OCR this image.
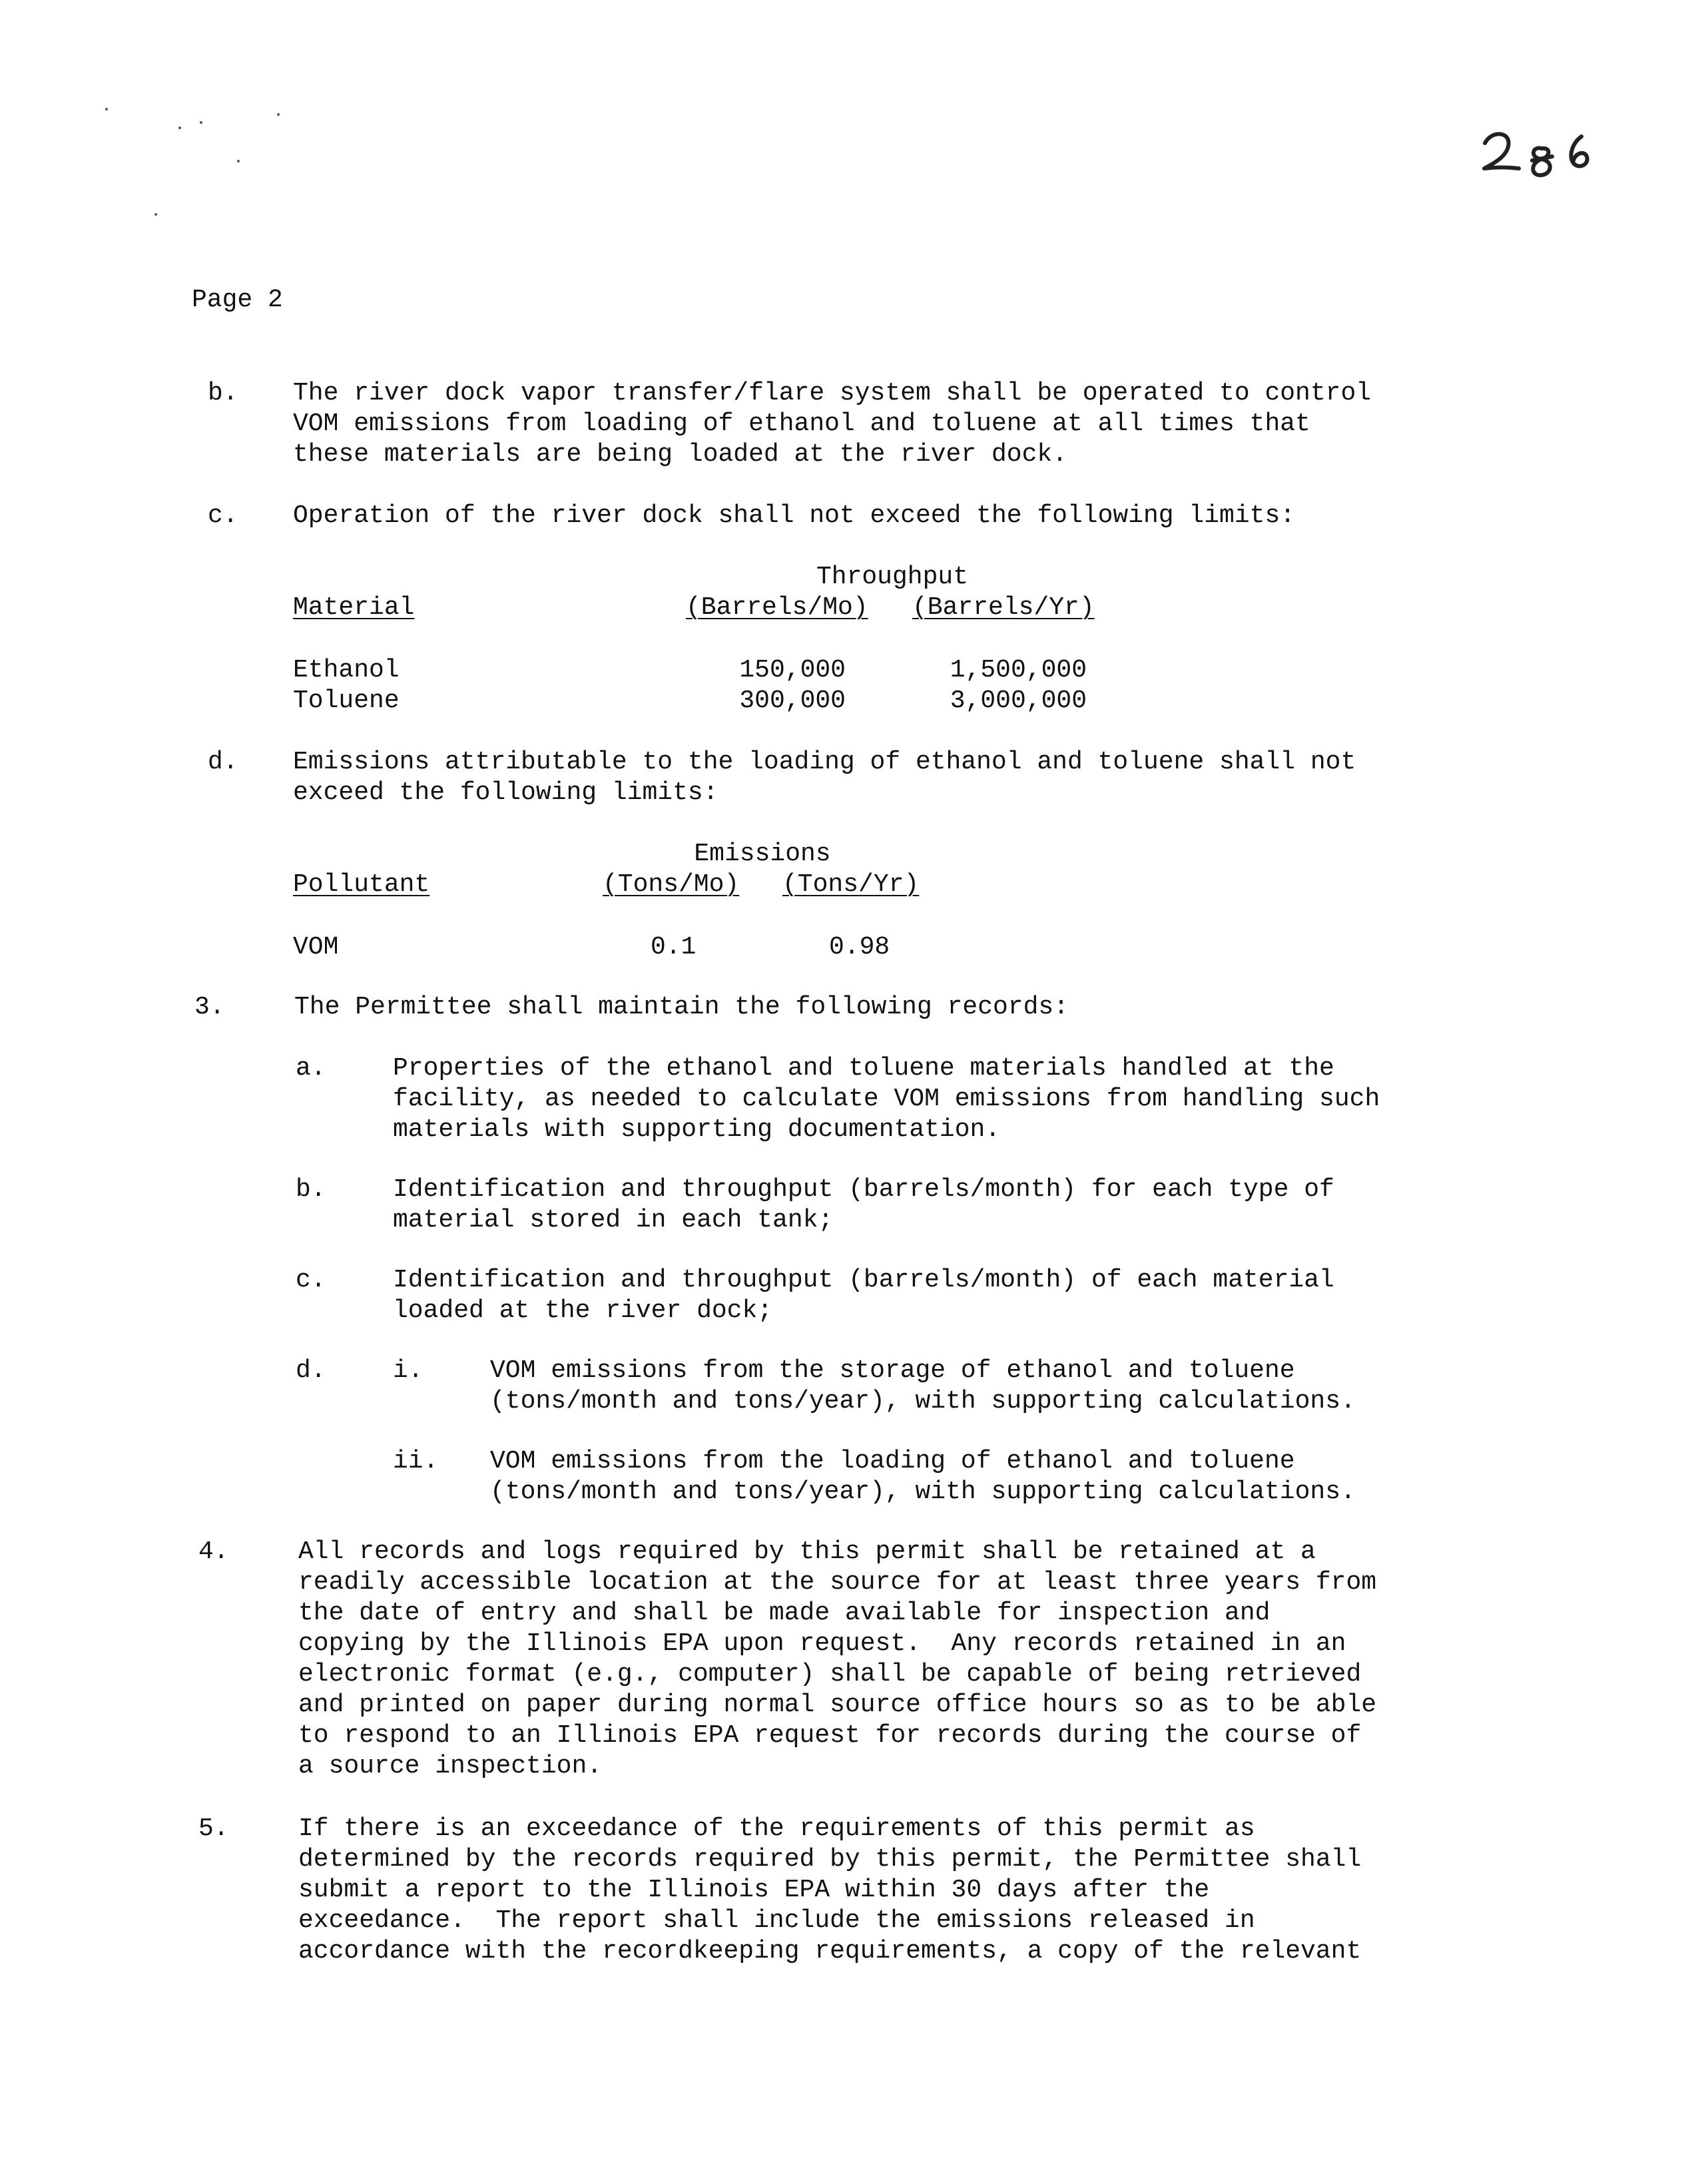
286
Page 2
b. The river dock vapor transfer/flare system shall be operated to control
VOM emissions from loading of ethanol and toluene at all times that
these materials are being loaded at the river dock.
c. Operation of the river dock shall not exceed the following limits:
Throughput
Material	(Barrels/Mo) (Barrels/Yr)
Ethanol	150,000	1,500,000
Toluene	300,000	3,000,000
d. Emissions attributable to the loading of ethanol and toluene shall not
exceed the following limits:
Emissions
Pollutant	(Tons/Mo) (Tons/Yr)
VOM	0.1	0.98
3.	The Permittee shall maintain the following records:
a.	Properties of the ethanol and toluene materials handled at the
facility, as needed to calculate VOM emissions from handling such
materials with supporting documentation.
b.	Identification and throughput (barrels/month) for each type of
material stored in each tank;
c.	Identification and throughput (barrels/month) of each material
loaded at the river dock;
d.	i.	VOM emissions from the storage of ethanol and toluene
(tons/month and tons/year), with supporting calculations.
ii. VOM emissions from the loading of ethanol and toluene
(tons/month and tons/year), with supporting calculations.
4.	All records and logs required by this permit shall be retained at a
readily accessible location at the source for at least three years from
the date of entry and shall be made available for inspection and
copying by the Illinois EPA upon request.  Any records retained in an
electronic format (e.g., computer) shall be capable of being retrieved
and printed on paper during normal source office hours so as to be able
to respond to an Illinois EPA request for records during the course of
a source inspection.
5.	If there is an exceedance of the requirements of this permit as
determined by the records required by this permit, the Permittee shall
submit a report to the Illinois EPA within 30 days after the
exceedance.  The report shall include the emissions released in
accordance with the recordkeeping requirements, a copy of the relevant
